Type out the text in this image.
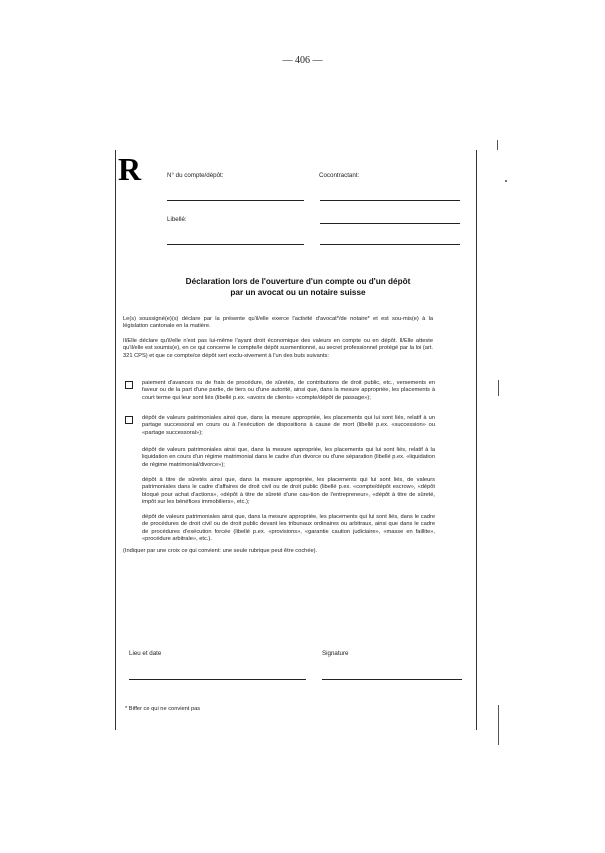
— 406 —
R	N° du compte/dépôt:	Cocontractant:
Libellé:
Déclaration lors de l'ouverture d'un compte ou d'un dépôt
par un avocat ou un notaire suisse
Le(s) soussigné(e)(s) déclare par la présente qu'il/elle exerce l'activité d'avocat*/de notaire* et est sou-mis(e) à la législation cantonale en la matière.
Il/Elle déclare qu'il/elle n'est pas lui-même l'ayant droit économique des valeurs en compte ou en dépôt. Il/Elle atteste qu'il/elle est soumis(e), en ce qui concerne le compte/le dépôt susmentionné, au secret professionnel protégé par la loi (art. 321 CPS) et que ce compte/ce dépôt sert exclu-sivement à l'un des buts suivants:
paiement d'avances ou de frais de procédure, de sûretés, de contributions de droit public, etc., versements en faveur ou de la part d'une partie, de tiers ou d'une autorité, ainsi que, dans la mesure appropriée, les placements à court terme qui leur sont liés (libellé p.ex. «avoirs de clients» «compte/dépôt de passage»);
dépôt de valeurs patrimoniales ainsi que, dans la mesure appropriée, les placements qui lui sont liés, relatif à un partage successoral en cours ou à l'exécution de dispositions à cause de mort (libellé p.ex. «succession» ou «partage successoral»);
dépôt de valeurs patrimoniales ainsi que, dans la mesure appropriée, les placements qui lui sont liés, relatif à la liquidation en cours d'un régime matrimonial dans le cadre d'un divorce ou d'une séparation (libellé p.ex. «liquidation de régime matrimonial/divorce»);
dépôt à titre de sûretés ainsi que, dans la mesure appropriée, les placements qui lui sont liés, de valeurs patrimoniales dans le cadre d'affaires de droit civil ou de droit public (libellé p.ex. «compte/dépôt escrow», «dépôt bloqué pour achat d'actions», «dépôt à titre de sûreté d'une cau-tion de l'entrepreneur», «dépôt à titre de sûreté, impôt sur les bénéfices immobiliers», etc.);
dépôt de valeurs patrimoniales ainsi que, dans la mesure appropriée, les placements qui lui sont liés, dans le cadre de procédures de droit civil ou de droit public devant les tribunaux ordinaires ou arbitraux, ainsi que dans le cadre de procédures d'exécution forcée (libellé p.ex. «provisions», «garantie caution judiciaire», «masse en faillite», «procédure arbitrale», etc.).
(Indiquer par une croix ce qui convient: une seule rubrique peut être cochée).
Lieu et date	Signature
* Biffer ce qui ne convient pas
